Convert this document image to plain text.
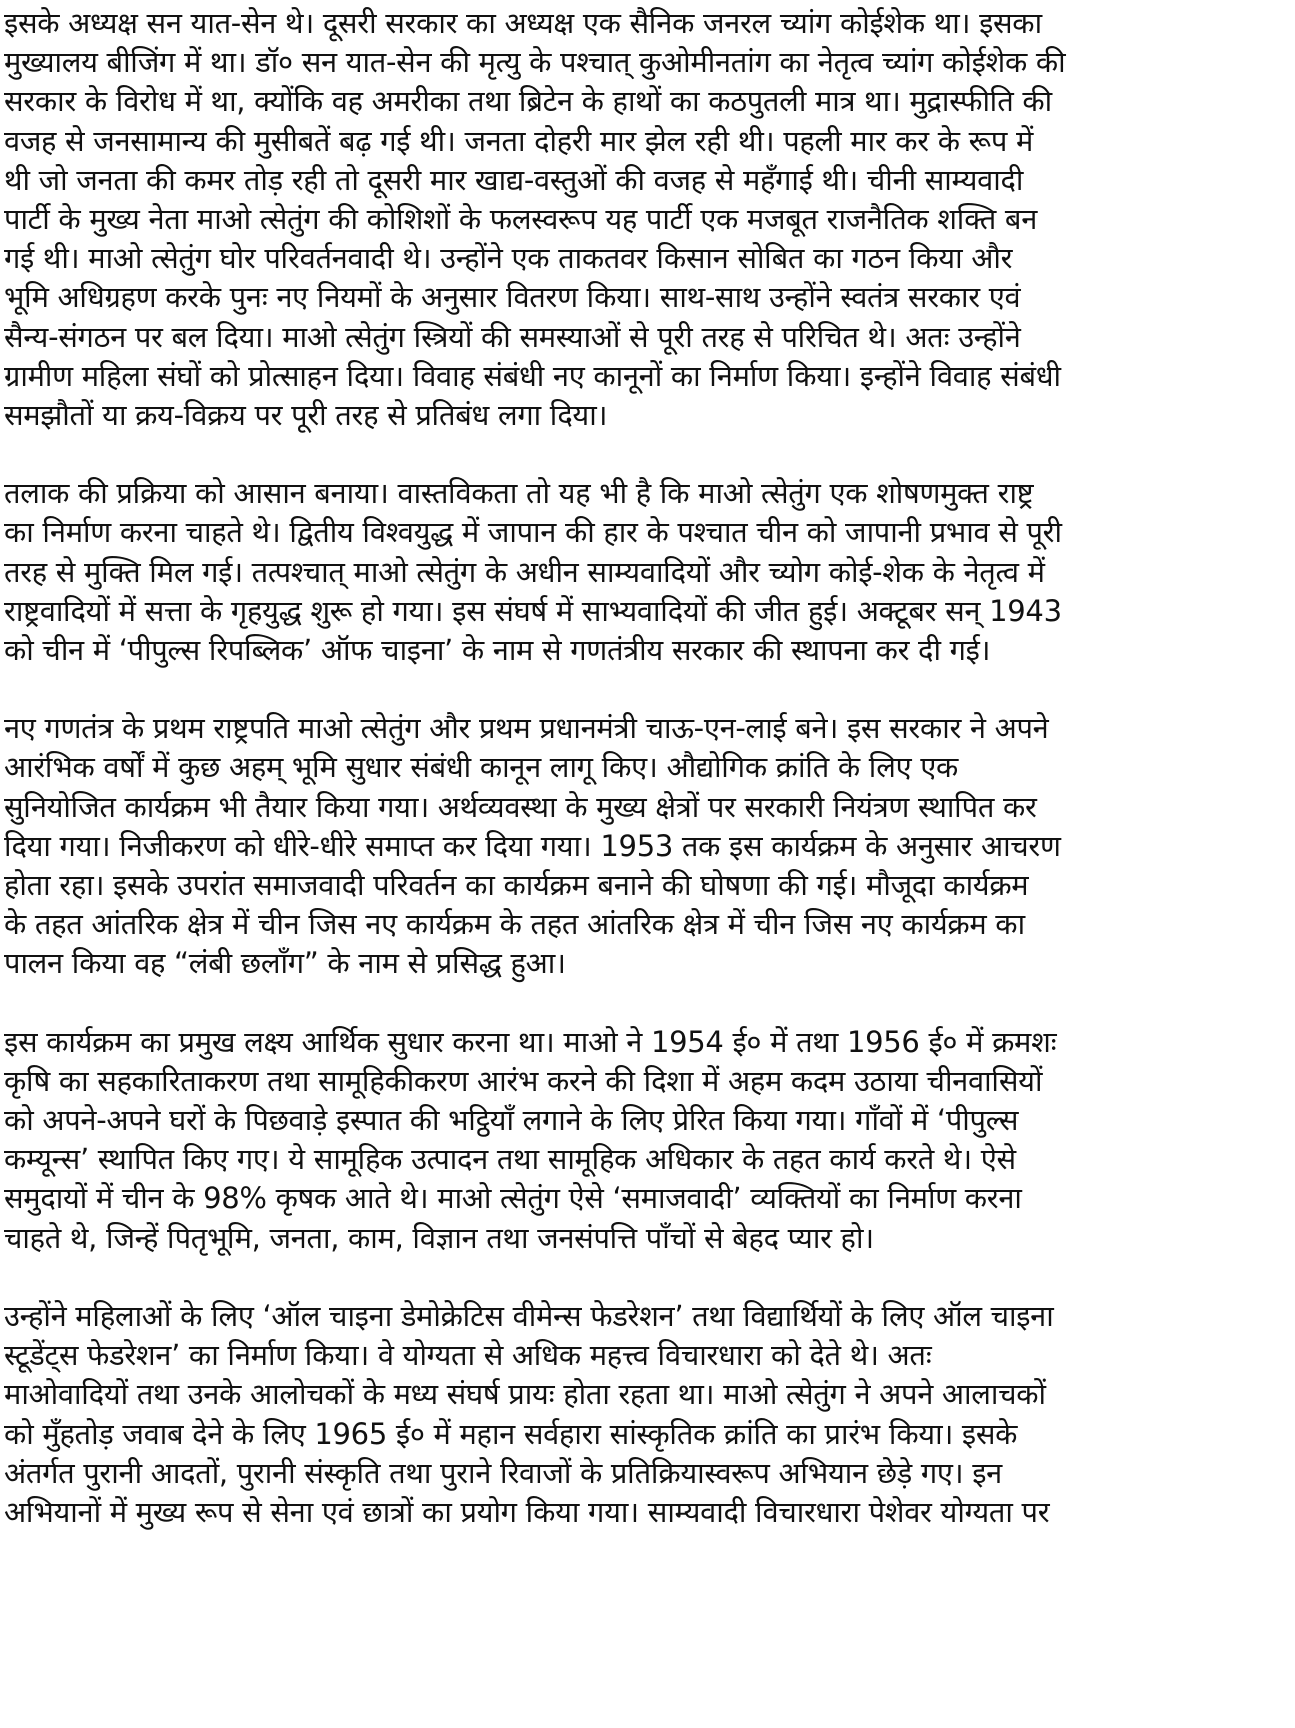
इसके अध्यक्ष सन यात-सेन थे। दूसरी सरकार का अध्यक्ष एक सैनिक जनरल च्यांग कोईशेक था। इसका
मुख्यालय बीजिंग में था। डॉ० सन यात-सेन की मृत्यु के पश्चात् कुओमीनतांग का नेतृत्व च्यांग कोईशेक की
सरकार के विरोध में था, क्योंकि वह अमरीका तथा ब्रिटेन के हाथों का कठपुतली मात्र था। मुद्रास्फीति की
वजह से जनसामान्य की मुसीबतें बढ़ गई थी। जनता दोहरी मार झेल रही थी। पहली मार कर के रूप में
थी जो जनता की कमर तोड़ रही तो दूसरी मार खाद्य-वस्तुओं की वजह से महँगाई थी। चीनी साम्यवादी
पार्टी के मुख्य नेता माओ त्सेतुंग की कोशिशों के फलस्वरूप यह पार्टी एक मजबूत राजनैतिक शक्ति बन
गई थी। माओ त्सेतुंग घोर परिवर्तनवादी थे। उन्होंने एक ताकतवर किसान सोबित का गठन किया और
भूमि अधिग्रहण करके पुनः नए नियमों के अनुसार वितरण किया। साथ-साथ उन्होंने स्वतंत्र सरकार एवं
सैन्य-संगठन पर बल दिया। माओ त्सेतुंग स्त्रियों की समस्याओं से पूरी तरह से परिचित थे। अतः उन्होंने
ग्रामीण महिला संघों को प्रोत्साहन दिया। विवाह संबंधी नए कानूनों का निर्माण किया। इन्होंने विवाह संबंधी
समझौतों या क्रय-विक्रय पर पूरी तरह से प्रतिबंध लगा दिया।
तलाक की प्रक्रिया को आसान बनाया। वास्तविकता तो यह भी है कि माओ त्सेतुंग एक शोषणमुक्त राष्ट्र
का निर्माण करना चाहते थे। द्वितीय विश्वयुद्ध में जापान की हार के पश्चात चीन को जापानी प्रभाव से पूरी
तरह से मुक्ति मिल गई। तत्पश्चात् माओ त्सेतुंग के अधीन साम्यवादियों और च्योग कोई-शेक के नेतृत्व में
राष्ट्रवादियों में सत्ता के गृहयुद्ध शुरू हो गया। इस संघर्ष में साभ्यवादियों की जीत हुई। अक्टूबर सन् 1943
को चीन में ‘पीपुल्स रिपब्लिक’ ऑफ चाइना’ के नाम से गणतंत्रीय सरकार की स्थापना कर दी गई।
नए गणतंत्र के प्रथम राष्ट्रपति माओ त्सेतुंग और प्रथम प्रधानमंत्री चाऊ-एन-लाई बने। इस सरकार ने अपने
आरंभिक वर्षों में कुछ अहम् भूमि सुधार संबंधी कानून लागू किए। औद्योगिक क्रांति के लिए एक
सुनियोजित कार्यक्रम भी तैयार किया गया। अर्थव्यवस्था के मुख्य क्षेत्रों पर सरकारी नियंत्रण स्थापित कर
दिया गया। निजीकरण को धीरे-धीरे समाप्त कर दिया गया। 1953 तक इस कार्यक्रम के अनुसार आचरण
होता रहा। इसके उपरांत समाजवादी परिवर्तन का कार्यक्रम बनाने की घोषणा की गई। मौजूदा कार्यक्रम
के तहत आंतरिक क्षेत्र में चीन जिस नए कार्यक्रम के तहत आंतरिक क्षेत्र में चीन जिस नए कार्यक्रम का
पालन किया वह “लंबी छलाँग” के नाम से प्रसिद्ध हुआ।
इस कार्यक्रम का प्रमुख लक्ष्य आर्थिक सुधार करना था। माओ ने 1954 ई० में तथा 1956 ई० में क्रमशः
कृषि का सहकारिताकरण तथा सामूहिकीकरण आरंभ करने की दिशा में अहम कदम उठाया चीनवासियों
को अपने-अपने घरों के पिछवाड़े इस्पात की भट्ठियाँ लगाने के लिए प्रेरित किया गया। गाँवों में ‘पीपुल्स
कम्यून्स’ स्थापित किए गए। ये सामूहिक उत्पादन तथा सामूहिक अधिकार के तहत कार्य करते थे। ऐसे
समुदायों में चीन के 98% कृषक आते थे। माओ त्सेतुंग ऐसे ‘समाजवादी’ व्यक्तियों का निर्माण करना
चाहते थे, जिन्हें पितृभूमि, जनता, काम, विज्ञान तथा जनसंपत्ति पाँचों से बेहद प्यार हो।
उन्होंने महिलाओं के लिए ‘ऑल चाइना डेमोक्रेटिस वीमेन्स फेडरेशन’ तथा विद्यार्थियों के लिए ऑल चाइना
स्टूडेंट्स फेडरेशन’ का निर्माण किया। वे योग्यता से अधिक महत्त्व विचारधारा को देते थे। अतः
माओवादियों तथा उनके आलोचकों के मध्य संघर्ष प्रायः होता रहता था। माओ त्सेतुंग ने अपने आलाचकों
को मुँहतोड़ जवाब देने के लिए 1965 ई० में महान सर्वहारा सांस्कृतिक क्रांति का प्रारंभ किया। इसके
अंतर्गत पुरानी आदतों, पुरानी संस्कृति तथा पुराने रिवाजों के प्रतिक्रियास्वरूप अभियान छेड़े गए। इन
अभियानों में मुख्य रूप से सेना एवं छात्रों का प्रयोग किया गया। साम्यवादी विचारधारा पेशेवर योग्यता पर
